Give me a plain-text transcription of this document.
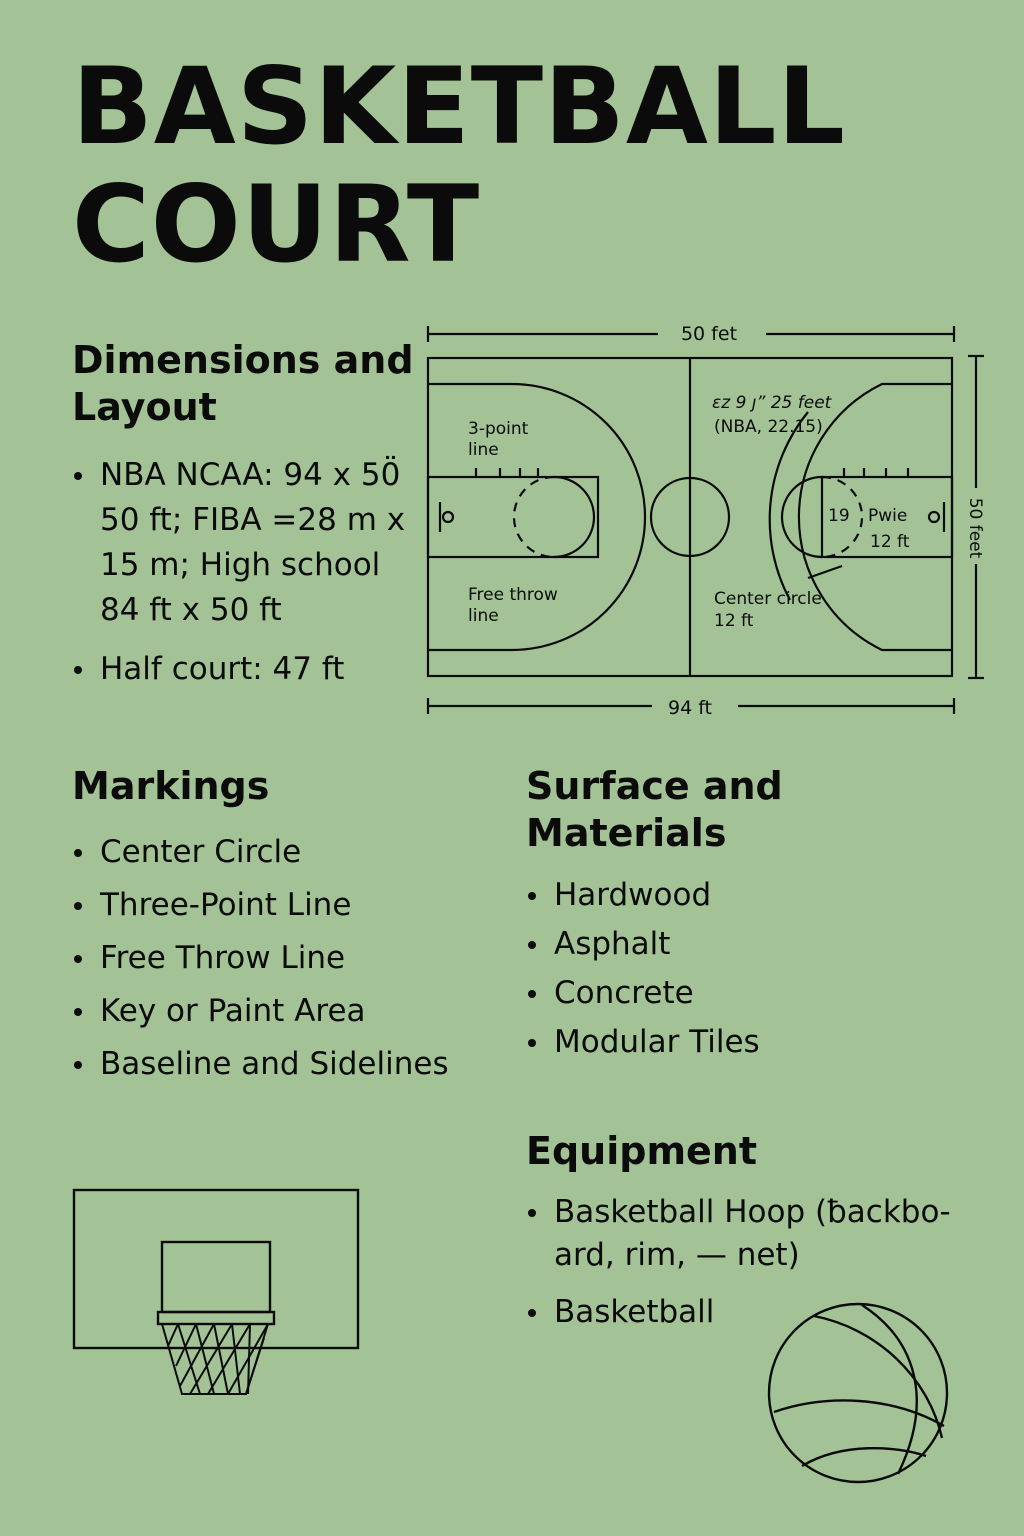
BASKETBALL
COURT
Dimensions and Layout
NBA NCAA: 94 x 50̈ 50 ft; FIBA =28 m x 15 m; High school 84 ft x 50 ft
Half court: 47 ft
50 fet
50 feet
94 ft
3-point
line
Free throw
line
ɛz 9 ȷ” 25 feet
(NBA, 22.15)
19 Pwie
12 ft
Center circle
12 ft
Markings
Center Circle
Three-Point Line
Free Throw Line
Key or Paint Area
Baseline and Sidelines
Surface and Materials
Hardwood
Asphalt
Concrete
Modular Tiles
Equipment
Basketball Hoop (ƀackboard, rim, — net)
Basketball
